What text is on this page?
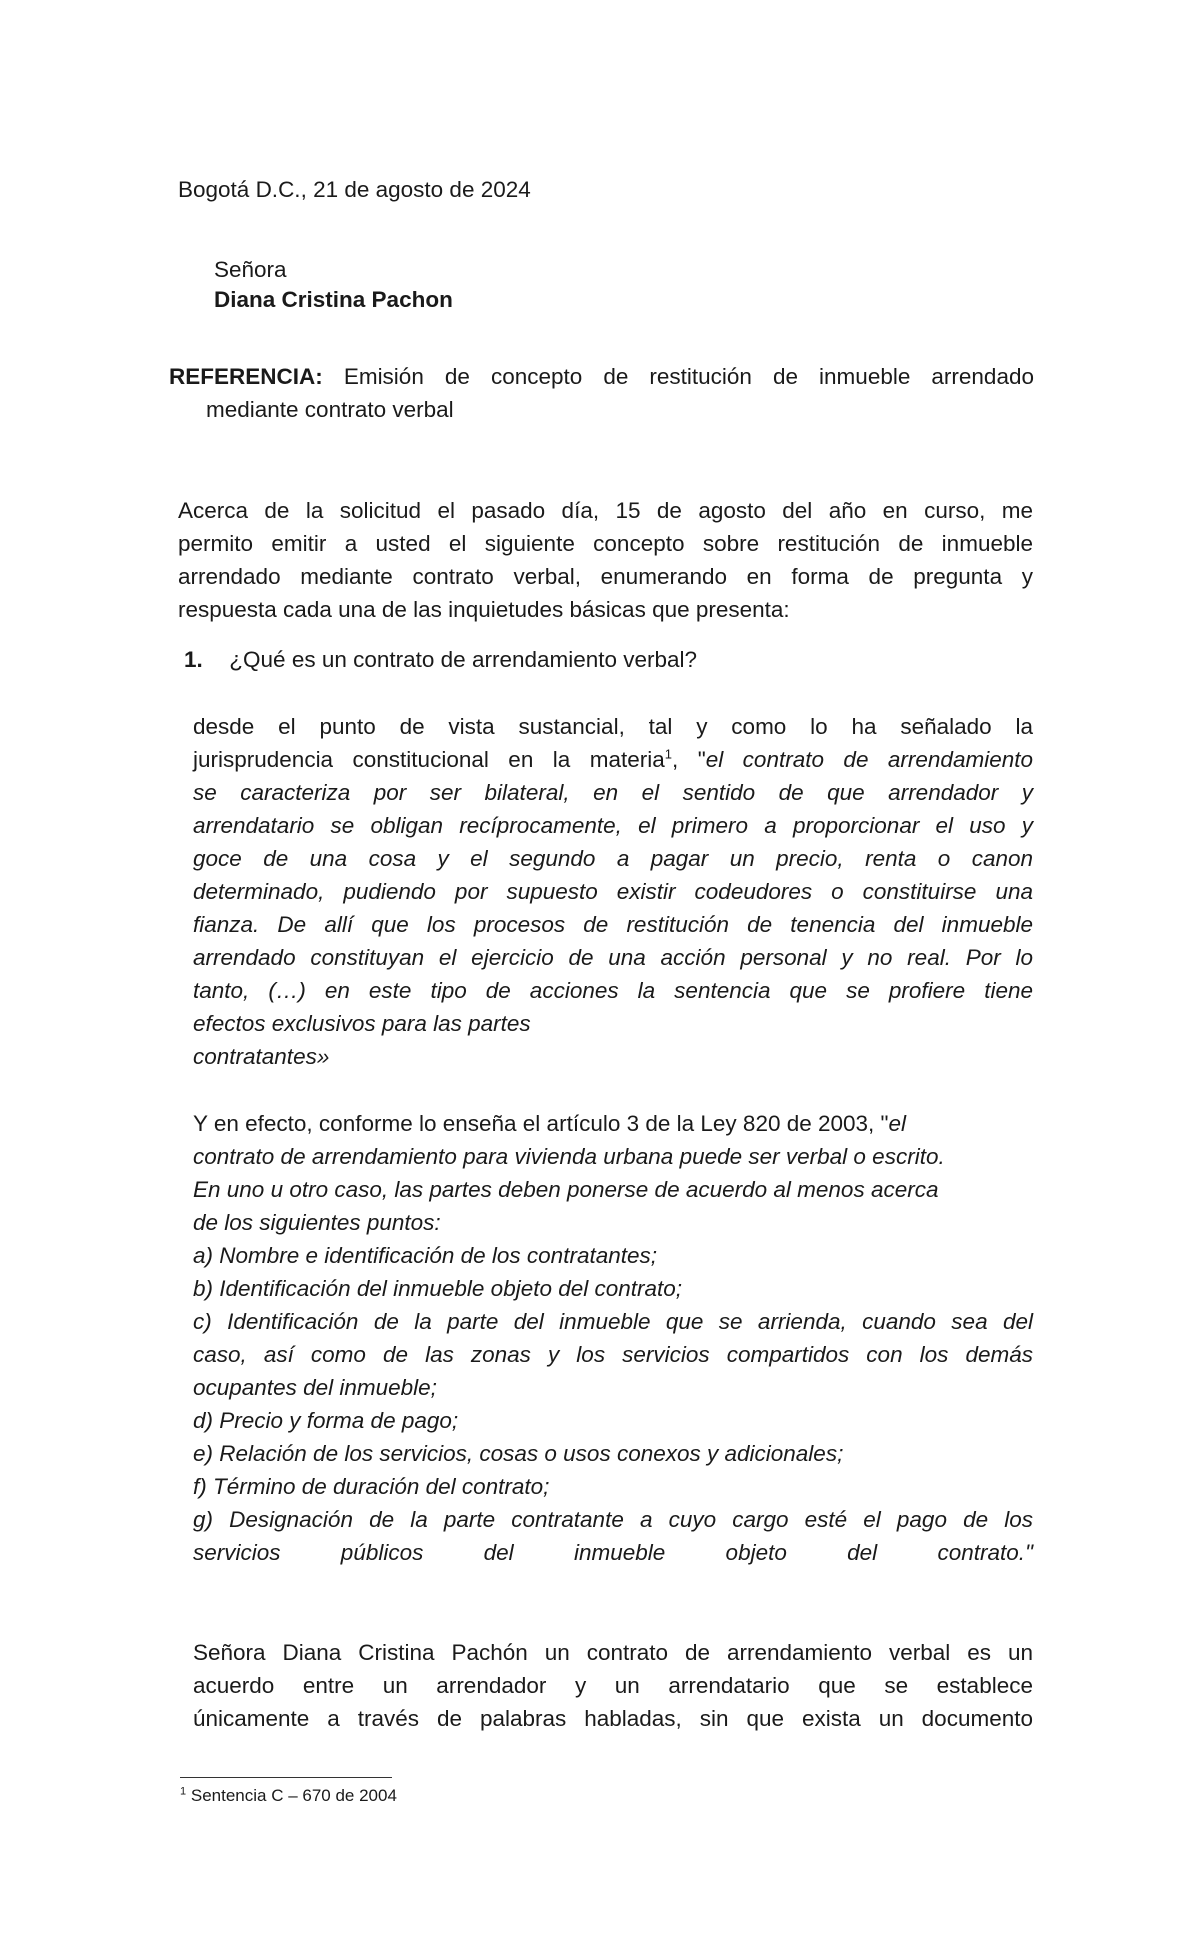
Bogotá D.C., 21 de agosto de 2024
Señora
Diana Cristina Pachon
REFERENCIA: Emisión de concepto de restitución de inmueble arrendado
mediante contrato verbal
Acerca de la solicitud el pasado día, 15 de agosto del año en curso, me
permito emitir a usted el siguiente concepto sobre restitución de inmueble
arrendado mediante contrato verbal, enumerando en forma de pregunta y
respuesta cada una de las inquietudes básicas que presenta:
1. ¿Qué es un contrato de arrendamiento verbal?
desde el punto de vista sustancial, tal y como lo ha señalado la
jurisprudencia constitucional en la materia$^1$, "el contrato de arrendamiento
se caracteriza por ser bilateral, en el sentido de que arrendador y
arrendatario se obligan recíprocamente, el primero a proporcionar el uso y
goce de una cosa y el segundo a pagar un precio, renta o canon
determinado, pudiendo por supuesto existir codeudores o constituirse una
fianza. De allí que los procesos de restitución de tenencia del inmueble
arrendado constituyan el ejercicio de una acción personal y no real. Por lo
tanto, (…) en este tipo de acciones la sentencia que se profiere tiene
efectos exclusivos para las partes
contratantes»
Y en efecto, conforme lo enseña el artículo 3 de la Ley 820 de 2003, "el
contrato de arrendamiento para vivienda urbana puede ser verbal o escrito.
En uno u otro caso, las partes deben ponerse de acuerdo al menos acerca
de los siguientes puntos:
a) Nombre e identificación de los contratantes;
b) Identificación del inmueble objeto del contrato;
c) Identificación de la parte del inmueble que se arrienda, cuando sea del
caso, así como de las zonas y los servicios compartidos con los demás
ocupantes del inmueble;
d) Precio y forma de pago;
e) Relación de los servicios, cosas o usos conexos y adicionales;
f) Término de duración del contrato;
g) Designación de la parte contratante a cuyo cargo esté el pago de los
servicios públicos del inmueble objeto del contrato."
Señora Diana Cristina Pachón un contrato de arrendamiento verbal es un
acuerdo entre un arrendador y un arrendatario que se establece
únicamente a través de palabras habladas, sin que exista un documento
$^1$ Sentencia C – 670 de 2004
